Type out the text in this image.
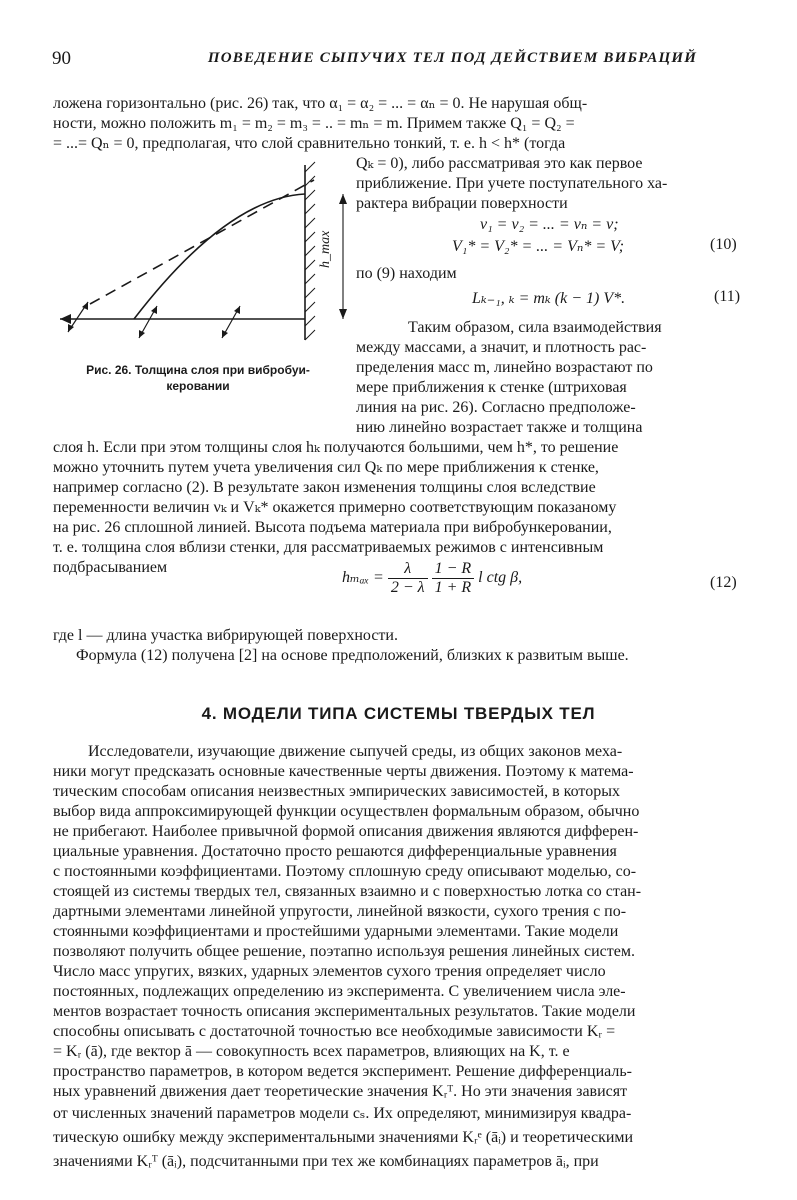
90	ПОВЕДЕНИЕ СЫПУЧИХ ТЕЛ ПОД ДЕЙСТВИЕМ ВИБРАЦИЙ
ложена горизонтально (рис. 26) так, что α₁ = α₂ = ... = αₙ = 0. Не нарушая общ-
ности, можно положить m₁ = m₂ = m₃ = .. = mₙ = m. Примем также Q₁ = Q₂ =
= ...= Qₙ = 0, предполагая, что слой сравнительно тонкий, т. е. h < h* (тогда
h_max
Рис. 26. Толщина слоя при вибробуи-
керовании
Qₖ = 0), либо рассматривая это как первое
приближение. При учете поступательного ха-
рактера вибрации поверхности
ν₁ = ν₂ = ... = νₙ = ν;
V₁* = V₂* = ... = Vₙ* = V;	(10)
по (9) находим
Lₖ₋₁, ₖ = mₖ (k − 1) V*.	(11)
Таким образом, сила взаимодействия
между массами, а значит, и плотность рас-
пределения масс m, линейно возрастают по
мере приближения к стенке (штриховая
линия на рис. 26). Согласно предположе-
нию линейно возрастает также и толщина
слоя h. Если при этом толщины слоя hₖ получаются большими, чем h*, то решение
можно уточнить путем учета увеличения сил Qₖ по мере приближения к стенке,
например согласно (2). В результате закон изменения толщины слоя вследствие
переменности величин νₖ и Vₖ* окажется примерно соответствующим показаному
на рис. 26 сплошной линией. Высота подъема материала при вибробункеровании,
т. е. толщина слоя вблизи стенки, для рассматриваемых режимов с интенсивным
подбрасыванием
$h_{max} = \frac{\lambda}{2 - \lambda}$
$\frac{1 - R}{1 + R}$ l ctg β,	(12)
где l — длина участка вибрирующей поверхности.
Формула (12) получена [2] на основе предположений, близких к развитым выше.
4. МОДЕЛИ ТИПА СИСТЕМЫ ТВЕРДЫХ ТЕЛ
Исследователи, изучающие движение сыпучей среды, из общих законов меха-
ники могут предсказать основные качественные черты движения. Поэтому к матема-
тическим способам описания неизвестных эмпирических зависимостей, в которых
выбор вида аппроксимирующей функции осуществлен формальным образом, обычно
не прибегают. Наиболее привычной формой описания движения являются дифферен-
циальные уравнения. Достаточно просто решаются дифференциальные уравнения
с постоянными коэффициентами. Поэтому сплошную среду описывают моделью, со-
стоящей из системы твердых тел, связанных взаимно и с поверхностью лотка со стан-
дартными элементами линейной упругости, линейной вязкости, сухого трения с по-
стоянными коэффициентами и простейшими ударными элементами. Такие модели
позволяют получить общее решение, поэтапно используя решения линейных систем.
Число масс упругих, вязких, ударных элементов сухого трения определяет число
постоянных, подлежащих определению из эксперимента. С увеличением числа эле-
ментов возрастает точность описания экспериментальных результатов. Такие модели
способны описывать с достаточной точностью все необходимые зависимости Kᵣ =
= Kᵣ (ā), где вектор ā — совокупность всех параметров, влияющих на K, т. е
пространство параметров, в котором ведется эксперимент. Решение дифференциаль-
ных уравнений движения дает теоретические значения Kᵣᵀ. Но эти значения зависят
от численных значений параметров модели cₛ. Их определяют, минимизируя квадра-
тическую ошибку между экспериментальными значениями Kᵣᵉ (āᵢ) и теоретическими
значениями Kᵣᵀ (āᵢ), подсчитанными при тех же комбинациях параметров āᵢ, при
